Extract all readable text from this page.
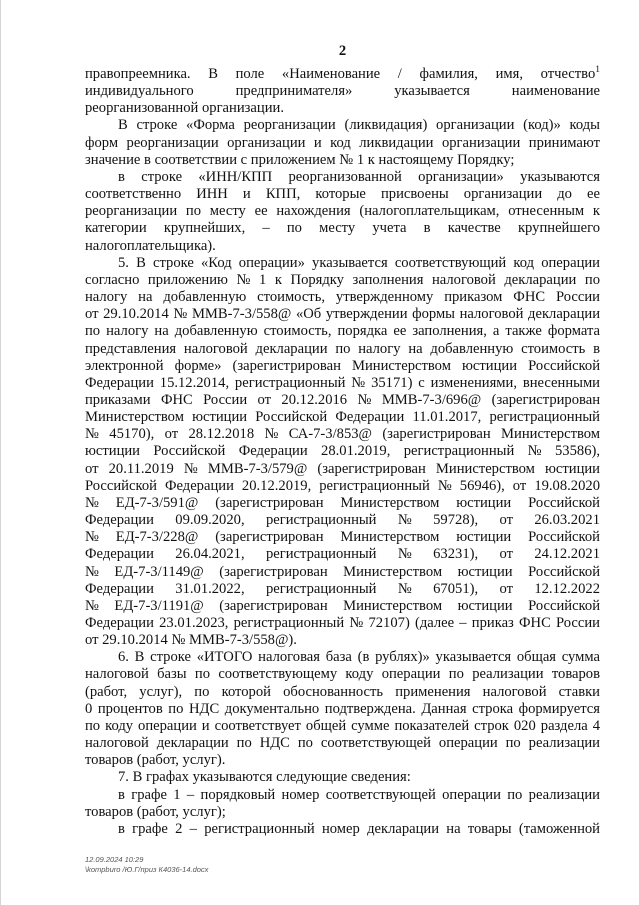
2
правопреемника. В поле «Наименование / фамилия, имя, отчество$^1$
индивидуального предпринимателя» указывается наименование
реорганизованной организации.
В строке «Форма реорганизации (ликвидация) организации (код)» коды
форм реорганизации организации и код ликвидации организации принимают
значение в соответствии с приложением № 1 к настоящему Порядку;
в строке «ИНН/КПП реорганизованной организации» указываются
соответственно ИНН и КПП, которые присвоены организации до ее
реорганизации по месту ее нахождения (налогоплательщикам, отнесенным к
категории крупнейших, – по месту учета в качестве крупнейшего
налогоплательщика).
5. В строке «Код операции» указывается соответствующий код операции
согласно приложению № 1 к Порядку заполнения налоговой декларации по
налогу на добавленную стоимость, утвержденному приказом ФНС России
от 29.10.2014 № ММВ-7-3/558@ «Об утверждении формы налоговой декларации
по налогу на добавленную стоимость, порядка ее заполнения, а также формата
представления налоговой декларации по налогу на добавленную стоимость в
электронной форме» (зарегистрирован Министерством юстиции Российской
Федерации 15.12.2014, регистрационный № 35171) с изменениями, внесенными
приказами ФНС России от 20.12.2016 № ММВ-7-3/696@ (зарегистрирован
Министерством юстиции Российской Федерации 11.01.2017, регистрационный
№ 45170), от 28.12.2018 № СА-7-3/853@ (зарегистрирован Министерством
юстиции Российской Федерации 28.01.2019, регистрационный № 53586),
от 20.11.2019 № ММВ-7-3/579@ (зарегистрирован Министерством юстиции
Российской Федерации 20.12.2019, регистрационный № 56946), от 19.08.2020
№ ЕД-7-3/591@ (зарегистрирован Министерством юстиции Российской
Федерации 09.09.2020, регистрационный № 59728), от 26.03.2021
№ ЕД-7-3/228@ (зарегистрирован Министерством юстиции Российской
Федерации 26.04.2021, регистрационный № 63231), от 24.12.2021
№ ЕД-7-3/1149@ (зарегистрирован Министерством юстиции Российской
Федерации 31.01.2022, регистрационный № 67051), от 12.12.2022
№ ЕД-7-3/1191@ (зарегистрирован Министерством юстиции Российской
Федерации 23.01.2023, регистрационный № 72107) (далее – приказ ФНС России
от 29.10.2014 № ММВ-7-3/558@).
6. В строке «ИТОГО налоговая база (в рублях)» указывается общая сумма
налоговой базы по соответствующему коду операции по реализации товаров
(работ, услуг), по которой обоснованность применения налоговой ставки
0 процентов по НДС документально подтверждена. Данная строка формируется
по коду операции и соответствует общей сумме показателей строк 020 раздела 4
налоговой декларации по НДС по соответствующей операции по реализации
товаров (работ, услуг).
7. В графах указываются следующие сведения:
в графе 1 – порядковый номер соответствующей операции по реализации
товаров (работ, услуг);
в графе 2 – регистрационный номер декларации на товары (таможенной
12.09.2024 10:29
\kompburo /Ю.Г/приз К4036-14.docx
